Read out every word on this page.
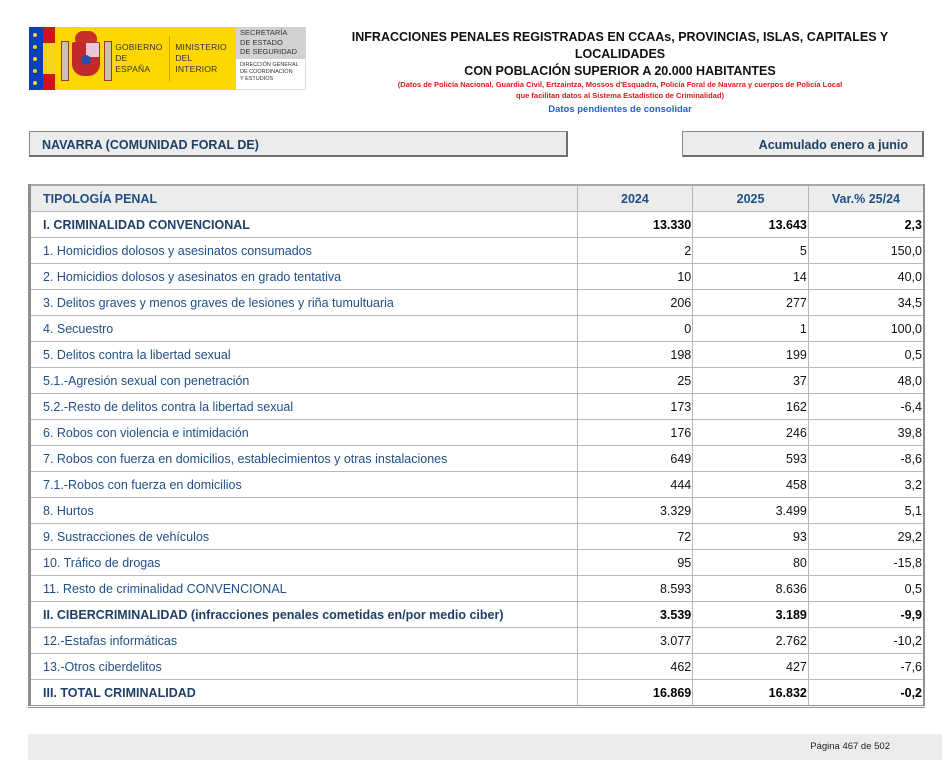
GOBIERNO
DE ESPAÑA
MINISTERIO
DEL INTERIOR
SECRETARÍA
DE ESTADO
DE SEGURIDAD
DIRECCIÓN GENERAL
DE COORDINACIÓN
Y ESTUDIOS
INFRACCIONES PENALES REGISTRADAS EN CCAAs, PROVINCIAS, ISLAS, CAPITALES Y LOCALIDADES
CON POBLACIÓN SUPERIOR A 20.000 HABITANTES
(Datos de Policía Nacional, Guardia Civil, Ertzaintza, Mossos d'Esquadra, Policía Foral de Navarra y cuerpos de Policía Local
que facilitan datos al Sistema Estadístico de Criminalidad)
Datos pendientes de consolidar
NAVARRA (COMUNIDAD FORAL DE)	Acumulado enero a junio
TIPOLOGÍA PENAL	2024	2025	Var.% 25/24
I. CRIMINALIDAD CONVENCIONAL	13.330	13.643	2,3
1. Homicidios dolosos y asesinatos consumados	2	5	150,0
2. Homicidios dolosos y asesinatos en grado tentativa	10	14	40,0
3. Delitos graves y menos graves de lesiones y riña tumultuaria	206	277	34,5
4. Secuestro	0	1	100,0
5. Delitos contra la libertad sexual	198	199	0,5
5.1.-Agresión sexual con penetración	25	37	48,0
5.2.-Resto de delitos contra la libertad sexual	173	162	-6,4
6. Robos con violencia e intimidación	176	246	39,8
7. Robos con fuerza en domicilios, establecimientos y otras instalaciones	649	593	-8,6
7.1.-Robos con fuerza en domicilios	444	458	3,2
8. Hurtos	3.329	3.499	5,1
9. Sustracciones de vehículos	72	93	29,2
10. Tráfico de drogas	95	80	-15,8
11. Resto de criminalidad CONVENCIONAL	8.593	8.636	0,5
II. CIBERCRIMINALIDAD (infracciones penales cometidas en/por medio ciber)	3.539	3.189	-9,9
12.-Estafas informáticas	3.077	2.762	-10,2
13.-Otros ciberdelitos	462	427	-7,6
III. TOTAL CRIMINALIDAD	16.869	16.832	-0,2
Página 467 de 502
